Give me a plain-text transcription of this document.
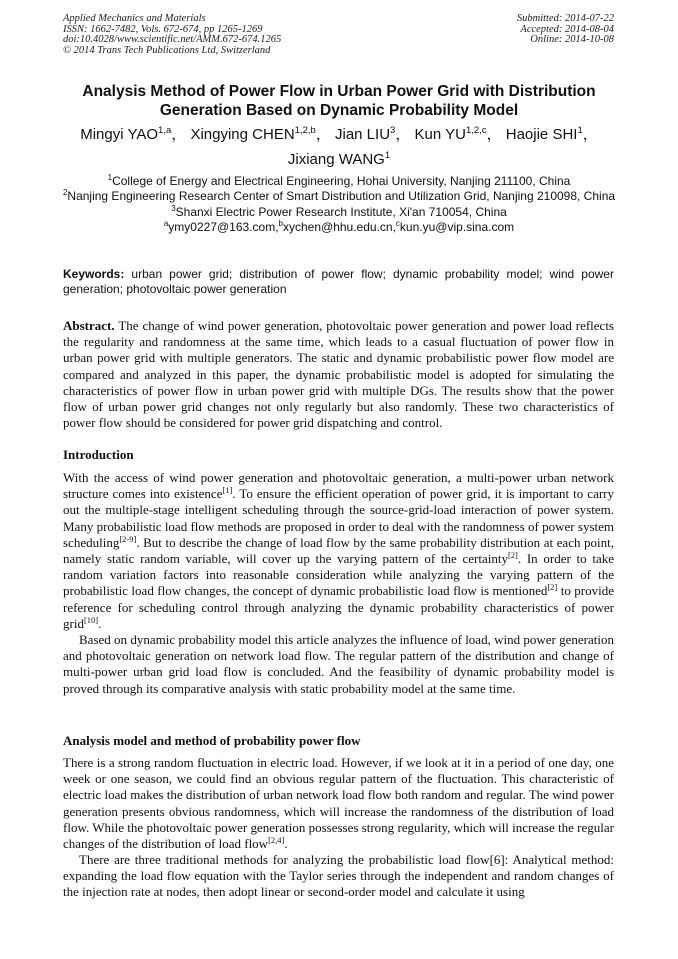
Applied Mechanics and Materials
ISSN: 1662-7482, Vols. 672-674, pp 1265-1269
doi:10.4028/www.scientific.net/AMM.672-674.1265
© 2014 Trans Tech Publications Ltd, Switzerland
Submitted: 2014-07-22
Accepted: 2014-08-04
Online: 2014-10-08
Analysis Method of Power Flow in Urban Power Grid with Distribution
Generation Based on Dynamic Probability Model
Mingyi YAO$^{1,a}$， Xingying CHEN$^{1,2,b}$， Jian LIU$^3$， Kun YU$^{1,2,c}$， Haojie SHI$^1$，
Jixiang WANG$^1$
$^1$College of Energy and Electrical Engineering, Hohai University, Nanjing 211100, China
$^2$Nanjing Engineering Research Center of Smart Distribution and Utilization Grid, Nanjing 210098, China
$^3$Shanxi Electric Power Research Institute, Xi'an 710054, China
$^a$ymy0227@163.com,$^b$xychen@hhu.edu.cn,$^c$kun.yu@vip.sina.com
Keywords: urban power grid; distribution of power flow; dynamic probability model; wind power generation; photovoltaic power generation
Abstract. The change of wind power generation, photovoltaic power generation and power load reflects the regularity and randomness at the same time, which leads to a casual fluctuation of power flow in urban power grid with multiple generators. The static and dynamic probabilistic power flow model are compared and analyzed in this paper, the dynamic probabilistic model is adopted for simulating the characteristics of power flow in urban power grid with multiple DGs. The results show that the power flow of urban power grid changes not only regularly but also randomly. These two characteristics of power flow should be considered for power grid dispatching and control.
Introduction
With the access of wind power generation and photovoltaic generation, a multi-power urban network structure comes into existence[1]. To ensure the efficient operation of power grid, it is important to carry out the multiple-stage intelligent scheduling through the source-grid-load interaction of power system. Many probabilistic load flow methods are proposed in order to deal with the randomness of power system scheduling[2-9]. But to describe the change of load flow by the same probability distribution at each point, namely static random variable, will cover up the varying pattern of the certainty[2]. In order to take random variation factors into reasonable consideration while analyzing the varying pattern of the probabilistic load flow changes, the concept of dynamic probabilistic load flow is mentioned[2] to provide reference for scheduling control through analyzing the dynamic probability characteristics of power grid[10].
Based on dynamic probability model this article analyzes the influence of load, wind power generation and photovoltaic generation on network load flow. The regular pattern of the distribution and change of multi-power urban grid load flow is concluded. And the feasibility of dynamic probability model is proved through its comparative analysis with static probability model at the same time.
Analysis model and method of probability power flow
There is a strong random fluctuation in electric load. However, if we look at it in a period of one day, one week or one season, we could find an obvious regular pattern of the fluctuation. This characteristic of electric load makes the distribution of urban network load flow both random and regular. The wind power generation presents obvious randomness, which will increase the randomness of the distribution of load flow. While the photovoltaic power generation possesses strong regularity, which will increase the regular changes of the distribution of load flow[2,4].
There are three traditional methods for analyzing the probabilistic load flow[6]: Analytical method: expanding the load flow equation with the Taylor series through the independent and random changes of the injection rate at nodes, then adopt linear or second-order model and calculate it using
